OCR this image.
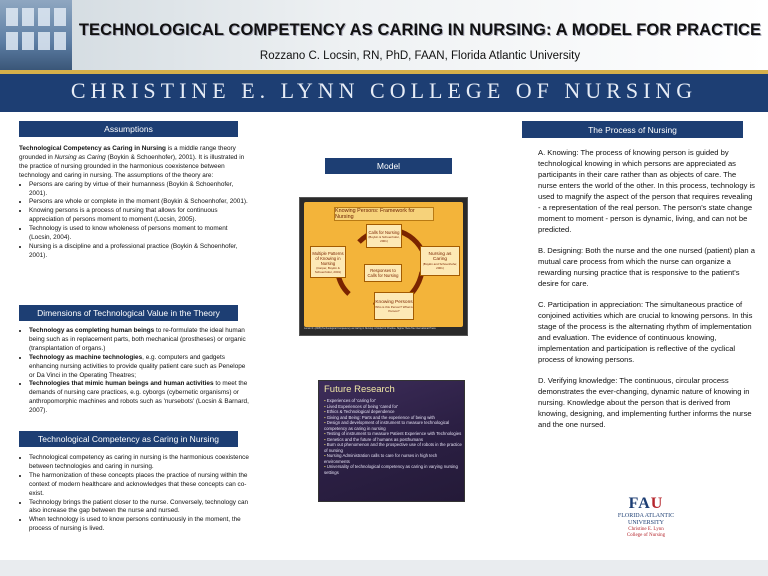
TECHNOLOGICAL COMPETENCY AS CARING IN NURSING: A MODEL FOR PRACTICE
Rozzano C. Locsin, RN, PhD, FAAN, Florida Atlantic University
CHRISTINE E. LYNN COLLEGE OF NURSING
Assumptions

Technological Competency as Caring in Nursing is a middle range theory grounded in Nursing as Caring (Boykin & Schoenhofer), 2001). It is illustrated in the practice of nursing grounded in the harmonious coexistence between technology and caring in nursing. The assumptions of the theory are:

• Persons are caring by virtue of their humanness (Boykin & Schoenhofer, 2001).
• Persons are whole or complete in the moment (Boykin & Schoenhofer, 2001).
• Knowing persons is a process of nursing that allows for continuous appreciation of persons moment to moment (Locsin, 2005).
• Technology is used to know wholeness of persons moment to moment (Locsin, 2004).
• Nursing is a discipline and a professional practice (Boykin & Schoenhofer, 2001).
Dimensions of Technological Value in the Theory
• Technology as completing human beings to re-formulate the ideal human being such as in replacement parts, both mechanical (prostheses) or organic (transplantation of organs.)
• Technology as machine technologies, e.g. computers and gadgets enhancing nursing activities to provide quality patient care such as Penelope or Da Vinci in the Operating Theatres;
• Technologies that mimic human beings and human activities to meet the demands of nursing care practices, e.g. cyborgs (cybernetic organisms) or anthropomorphic machines and robots such as 'nursebots' (Locsin & Barnard, 2007).
Technological Competency as Caring in Nursing
• Technological competency as caring in nursing is the harmonious coexistence between technologies and caring in nursing.
• The harmonization of these concepts places the practice of nursing within the context of modern healthcare and acknowledges that these concepts can co-exist.
• Technology brings the patient closer to the nurse. Conversely, technology can also increase the gap between the nurse and nursed.
• When technology is used to know persons continuously in the moment, the process of nursing is lived.
Model
Knowing Persons: Framework for Nursing
Multiple Patterns of Knowing in Nursing
(Carper, Boykin & Schoenhofer, 2001)
Calls for Nursing
(Boykin & Schoenhofer, 2001)
Nursing as Caring
(Boykin and Schoenhofer, 2001)
Responses to Calls for Nursing
Knowing Persons
Who is this Person? What is Person?
Locsin R. (2005) Technological Competency as Caring in Nursing: A Model for Practice. Sigma Theta Tau International Press.
Future Research
▪ Experiences of 'caring for'
▪ Lived Experiences of being 'cared for'
▪ Ethics & Technological dependence
▪ Giving and Being: Parts and the experience of being with
▪ Design and development of instrument to measure technological competency as caring in nursing
▪ Testing of instrument to measure Patient Experience with Technologies
▪ Genetics and the future of humans as posthumans
▪ Burn out phenomenon and the prospective use of robots in the practice of nursing
▪ Nursing Administration calls to care for nurses in high tech environments
▪ Universality of technological competency as caring in varying nursing settings
The Process of Nursing

A. Knowing: The process of knowing person is guided by technological knowing in which persons are appreciated as participants in their care rather than as objects of care. The nurse enters the world of the other. In this process, technology is used to magnify the aspect of the person that requires revealing - a representation of the real person. The person's state change moment to moment - person is dynamic, living, and can not be predicted.

B. Designing: Both the nurse and the one nursed (patient) plan a mutual care process from which the nurse can organize a rewarding nursing practice that is responsive to the patient's desire for care.

C. Participation in appreciation: The simultaneous practice of conjoined activities which are crucial to knowing persons. In this stage of the process is the alternating rhythm of implementation and evaluation. The evidence of continuous knowing, implementation and participation is reflective of the cyclical process of knowing persons.

D. Verifying knowledge: The continuous, circular process demonstrates the ever-changing, dynamic nature of knowing in nursing. Knowledge about the person that is derived from knowing, designing, and implementing further informs the nurse and the one nursed.

FAU
FLORIDA ATLANTIC
UNIVERSITY
Christine E. Lynn
College of Nursing
